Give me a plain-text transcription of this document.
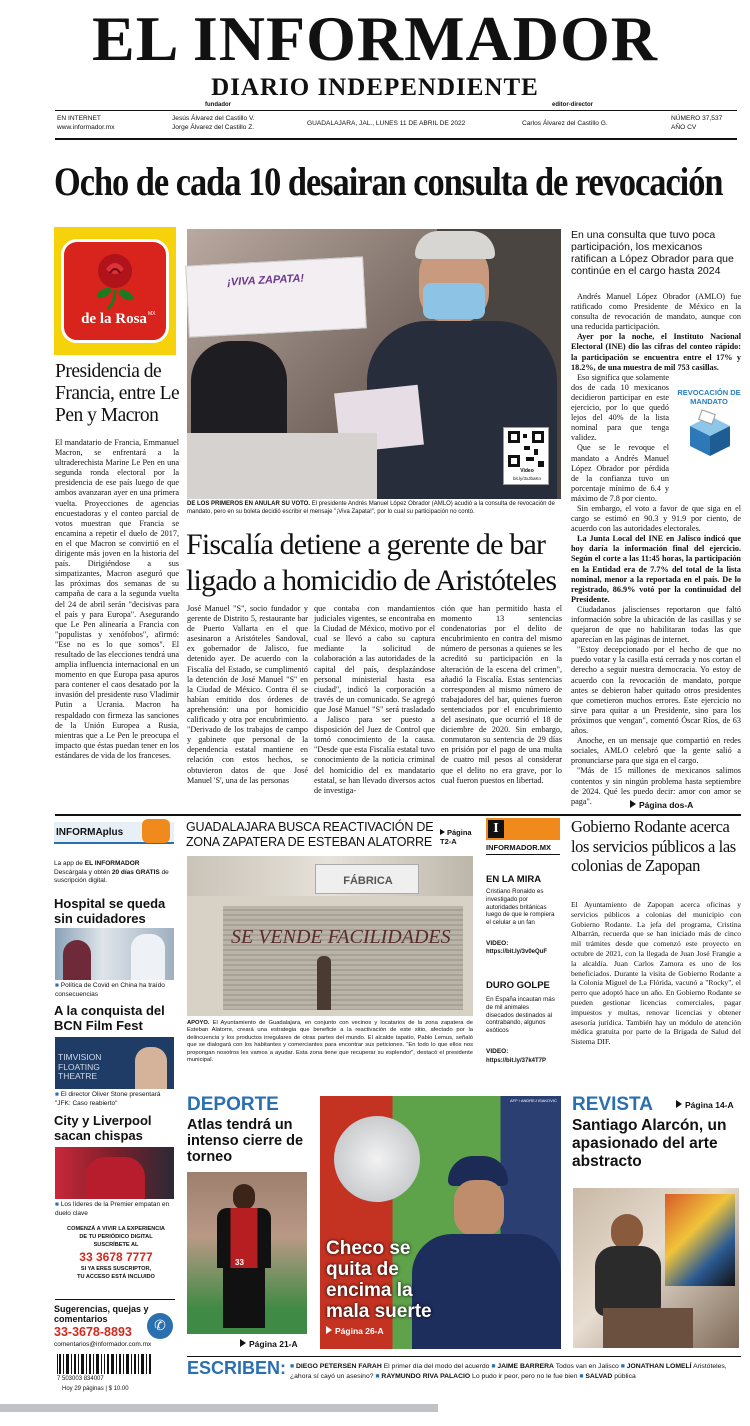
EL INFORMADOR
fundador
DIARIO INDEPENDIENTE
editor-director
EN INTERNET
www.informador.mx
Jesús Álvarez del Castillo V.
Jorge Álvarez del Castillo Z.
GUADALAJARA, JAL., LUNES 11 DE ABRIL DE 2022	Carlos Álvarez del Castillo G.
NÚMERO 37,537
AÑO CV
Ocho de cada 10 desairan consulta de revocación
de la Rosa MX
Presidencia de Francia, entre Le Pen y Macron
El mandatario de Francia, Emmanuel Macron, se enfrentará a la ultraderechista Marine Le Pen en una segunda ronda electoral por la presidencia de ese país luego de que ambos avanzaran ayer en una primera vuelta. Proyecciones de agencias encuestadoras y el conteo parcial de votos muestran que Francia se encamina a repetir el duelo de 2017, en el que Macron se convirtió en el dirigente más joven en la historia del país. Dirigiéndose a sus simpatizantes, Macron aseguró que las próximas dos semanas de su campaña de cara a la segunda vuelta del 24 de abril serán "decisivas para el país y para Europa". Asegurando que Le Pen alinearía a Francia con "populistas y xenófobos", afirmó: "Ese no es lo que somos". El resultado de las elecciones tendrá una amplia influencia internacional en un momento en que Europa pasa apuros para contener el caos desatado por la invasión del presidente ruso Vladimir Putin a Ucrania. Macron ha respaldado con firmeza las sanciones de la Unión Europea a Rusia, mientras que a Le Pen le preocupa el impacto que éstas puedan tener en los estándares de vida de los franceses.
¡VIVA ZAPATA!
Video
bit.ly/3xJbaKn
DE LOS PRIMEROS EN ANULAR SU VOTO. El presidente Andrés Manuel López Obrador (AMLO) acudió a la consulta de revocación de mandato, pero en su boleta decidió escribir el mensaje "¡Viva Zapata!", por lo cual su participación no contó.
Fiscalía detiene a gerente de bar ligado a homicidio de Aristóteles
José Manuel "S", socio fundador y gerente de Distrito 5, restaurante bar de Puerto Vallarta en el que asesinaron a Aristóteles Sandoval, ex gobernador de Jalisco, fue detenido ayer. De acuerdo con la Fiscalía del Estado, se cumplimentó la detención de José Manuel "S" en la Ciudad de México. Contra él se habían emitido dos órdenes de aprehensión: una por homicidio calificado y otra por encubrimiento. "Derivado de los trabajos de campo y gabinete que personal de la dependencia estatal mantiene en relación con estos hechos, se obtuvieron datos de que José Manuel 'S', una de las personas
que contaba con mandamientos judiciales vigentes, se encontraba en la Ciudad de México, motivo por el cual se llevó a cabo su captura mediante la solicitud de colaboración a las autoridades de la capital del país, desplazándose personal ministerial hasta esa ciudad", indicó la corporación a través de un comunicado. Se agregó que José Manuel "S" será trasladado a Jalisco para ser puesto a disposición del Juez de Control que tomó conocimiento de la causa. "Desde que esta Fiscalía estatal tuvo conocimiento de la noticia criminal del homicidio del ex mandatario estatal, se han llevado diversos actos de investiga-
ción que han permitido hasta el momento 13 sentencias condenatorias por el delito de encubrimiento en contra del mismo número de personas a quienes se les acreditó su participación en la alteración de la escena del crimen", añadió la Fiscalía. Estas sentencias corresponden al mismo número de trabajadores del bar, quienes fueron sentenciados por el encubrimiento del asesinato, que ocurrió el 18 de diciembre de 2020. Sin embargo, conmutaron su sentencia de 29 días en prisión por el pago de una multa de cuatro mil pesos al considerar que el delito no era grave, por lo cual fueron puestos en libertad.
En una consulta que tuvo poca participación, los mexicanos ratifican a López Obrador para que continúe en el cargo hasta 2024

Andrés Manuel López Obrador (AMLO) fue ratificado como Presidente de México en la consulta de revocación de mandato, aunque con una reducida participación.

Ayer por la noche, el Instituto Nacional Electoral (INE) dio las cifras del conteo rápido: la participación se encuentra entre el 17% y 18.2%, de una muestra de mil 753 casillas.

Eso significa que solamente dos de cada 10 mexicanos decidieron participar en este ejercicio, por lo que quedó lejos del 40% de la lista nominal para que tenga validez.

Que se le revoque el mandato a Andrés Manuel López Obrador por pérdida de la confianza tuvo un porcentaje mínimo de 6.4 y máximo de 7.8 por ciento.

Sin embargo, el voto a favor de que siga en el cargo se estimó en 90.3 y 91.9 por ciento, de acuerdo con las autoridades electorales.

La Junta Local del INE en Jalisco indicó que hoy daría la información final del ejercicio. Según el corte a las 11:45 horas, la participación en la Entidad era de 7.7% del total de la lista nominal, menor a la reportada en el país. De lo registrado, 86.9% votó por la continuidad del Presidente.

Ciudadanos jaliscienses reportaron que faltó información sobre la ubicación de las casillas y se quejaron de que no habilitaran todas las que aparecían en las páginas de internet.

"Estoy decepcionado por el hecho de que no puedo votar y la casilla está cerrada y nos cortan el derecho a seguir nuestra democracia. Yo estoy de acuerdo con la revocación de mandato, porque antes se debieron haber quitado otros presidentes que cometieron muchos errores. Este ejercicio no sirve para quitar a un Presidente, sino para los próximos que vengan", comentó Óscar Ríos, de 63 años.

Anoche, en un mensaje que compartió en redes sociales, AMLO celebró que la gente salió a pronunciarse para que siga en el cargo.

"Más de 15 millones de mexicanos salimos contentos y sin ningún problema hasta septiembre de 2024. Qué les puedo decir: amor con amor se paga".

REVOCACIÓN DE MANDATO
Página dos-A
INFORMAplus
La app de EL INFORMADOR
Descárgala y obtén 20 días GRATIS de suscripción digital.
Hospital se queda sin cuidadores
■ Política de Covid en China ha traído consecuencias
A la conquista del BCN Film Fest
TIMVISION FLOATING THEATRE
■ El director Oliver Stone presentará "JFK: Caso reabierto"
City y Liverpool sacan chispas
■ Los líderes de la Premier empatan en duelo clave
COMENZÁ A VIVIR LA EXPERIENCIA
DE TU PERIÓDICO DIGITAL
SUSCRÍBETE AL
33 3678 7777
SI YA ERES SUSCRIPTOR,
TU ACCESO ESTÁ INCLUIDO
Sugerencias, quejas y comentarios	✆
33-3678-8893
comentarios@informador.com.mx
7 503003 834007
Hoy 29 páginas | $ 10.00
GUADALAJARA BUSCA REACTIVACIÓN DE ZONA ZAPATERA DE ESTEBAN ALATORRE
Página T2-A
FÁBRICA
SE VENDE FACILIDADES
APOYO. El Ayuntamiento de Guadalajara, en conjunto con vecinos y locatarios de la zona zapatera de Esteban Alatorre, creará una estrategia que beneficie a la reactivación de este sitio, afectado por la delincuencia y los productos irregulares de otras partes del mundo. El alcalde tapatío, Pablo Lemus, señaló que se dialogará con los habitantes y comerciantes para encontrar sus peticiones. "En todo lo que ellos nos propongan nosotros les vamos a ayudar. Esta zona tiene que recuperar su esplendor", destacó el presidente municipal.
I
INFORMADOR.MX
EN LA MIRA
Cristiano Ronaldo es investigado por autoridades británicas luego de que le rompiera el celular a un fan
VIDEO:
https://bit.ly/3v0eQuF
DURO GOLPE
En España incautan más de mil animales disecados destinados al contrabando, algunos exóticos
VIDEO:
https://bit.ly/37k4T7P
Gobierno Rodante acerca los servicios públicos a las colonias de Zapopan
El Ayuntamiento de Zapopan acerca oficinas y servicios públicos a colonias del municipio con Gobierno Rodante. La jefa del programa, Cristina Albarrán, recuerda que se han iniciado más de cinco mil trámites desde que comenzó este proyecto en octubre de 2021, con la llegada de Juan José Frangie a la alcaldía. Juan Carlos Zamora es uno de los beneficiados. Durante la visita de Gobierno Rodante a la Colonia Miguel de La Flórida, vacunó a "Rocky", el perro que adoptó hace un año. En Gobierno Rodante se pueden gestionar licencias comerciales, pagar impuestos y multas, renovar licencias y obtener asesoría jurídica. También hay un módulo de atención médica gratuita por parte de la Brigada de Salud del Sistema DIF.
DEPORTE
Atlas tendrá un intenso cierre de torneo
33
Página 21-A
AFP / ANDREJ ISAKOVIC
Checo se quita de encima la mala suerte
Página 26-A
REVISTA	Página 14-A
Santiago Alarcón, un apasionado del arte abstracto
ESCRIBEN: ■ DIEGO PETERSEN FARAH El primer día del modo del acuerdo ■ JAIME BARRERA Todos van en Jalisco ■ JONATHAN LOMELÍ Aristóteles, ¿ahora sí cayó un asesino? ■ RAYMUNDO RIVA PALACIO Lo pudo ir peor, pero no le fue bien ■ SALVAD pública
